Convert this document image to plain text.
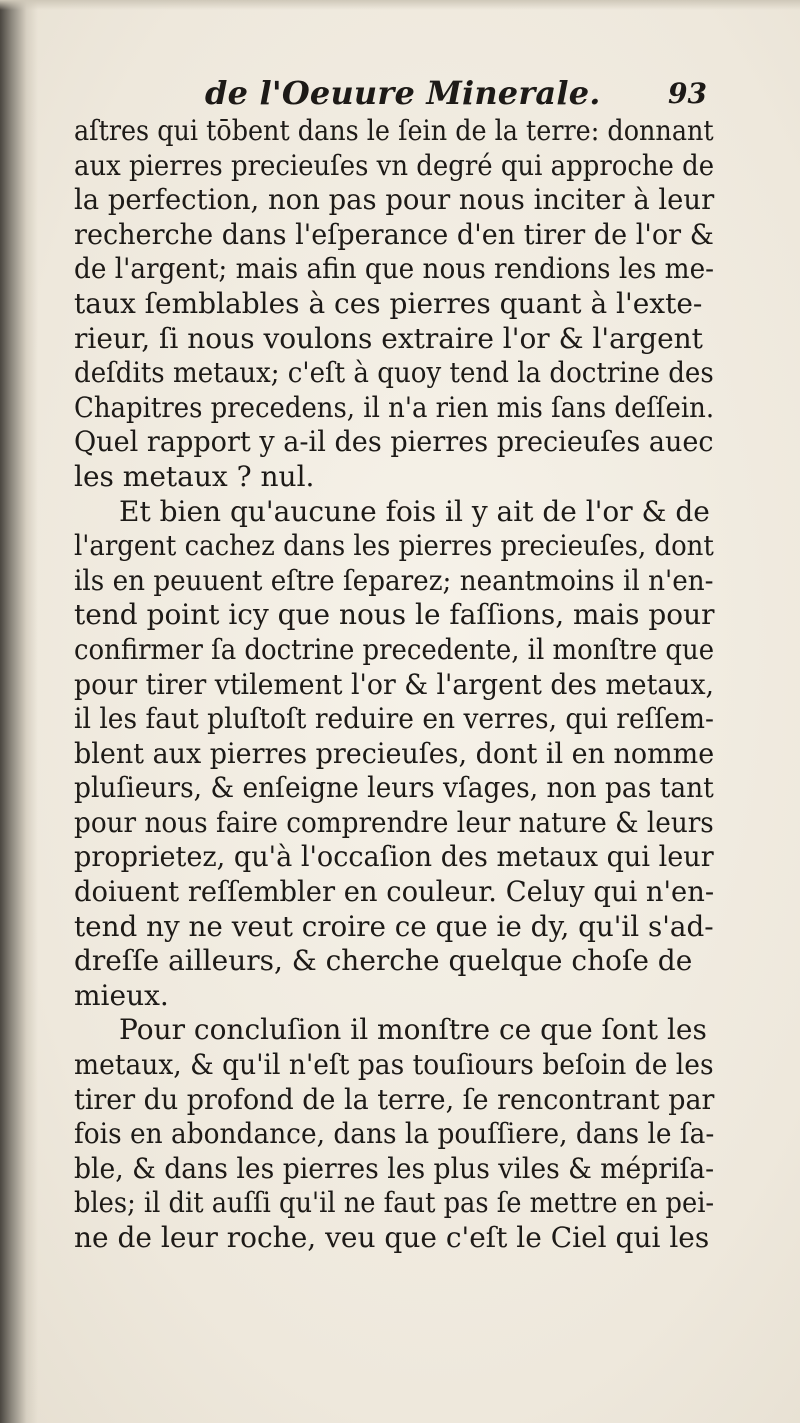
de l'Oeuure Minerale. 93
aſtres qui tōbent dans le ſein de la terre: donnant
aux pierres precieuſes vn degré qui approche de
la perfection, non pas pour nous inciter à leur
recherche dans l'eſperance d'en tirer de l'or &
de l'argent; mais afin que nous rendions les me-
taux ſemblables à ces pierres quant à l'exte-
rieur, ſi nous voulons extraire l'or & l'argent
deſdits metaux; c'eſt à quoy tend la doctrine des
Chapitres precedens, il n'a rien mis ſans deſſein.
Quel rapport y a-il des pierres precieuſes auec
les metaux ? nul.
Et bien qu'aucune fois il y ait de l'or & de
l'argent cachez dans les pierres precieuſes, dont
ils en peuuent eſtre ſeparez; neantmoins il n'en-
tend point icy que nous le faſſions, mais pour
confirmer ſa doctrine precedente, il monſtre que
pour tirer vtilement l'or & l'argent des metaux,
il les faut pluſtoſt reduire en verres, qui reſſem-
blent aux pierres precieuſes, dont il en nomme
pluſieurs, & enſeigne leurs vſages, non pas tant
pour nous faire comprendre leur nature & leurs
proprietez, qu'à l'occaſion des metaux qui leur
doiuent reſſembler en couleur. Celuy qui n'en-
tend ny ne veut croire ce que ie dy, qu'il s'ad-
dreſſe ailleurs, & cherche quelque choſe de
mieux.
Pour concluſion il monſtre ce que ſont les
metaux, & qu'il n'eſt pas touſiours beſoin de les
tirer du profond de la terre, ſe rencontrant par
fois en abondance, dans la pouſſiere, dans le ſa-
ble, & dans les pierres les plus viles & mépriſa-
bles; il dit auſſi qu'il ne faut pas ſe mettre en pei-
ne de leur roche, veu que c'eſt le Ciel qui les
